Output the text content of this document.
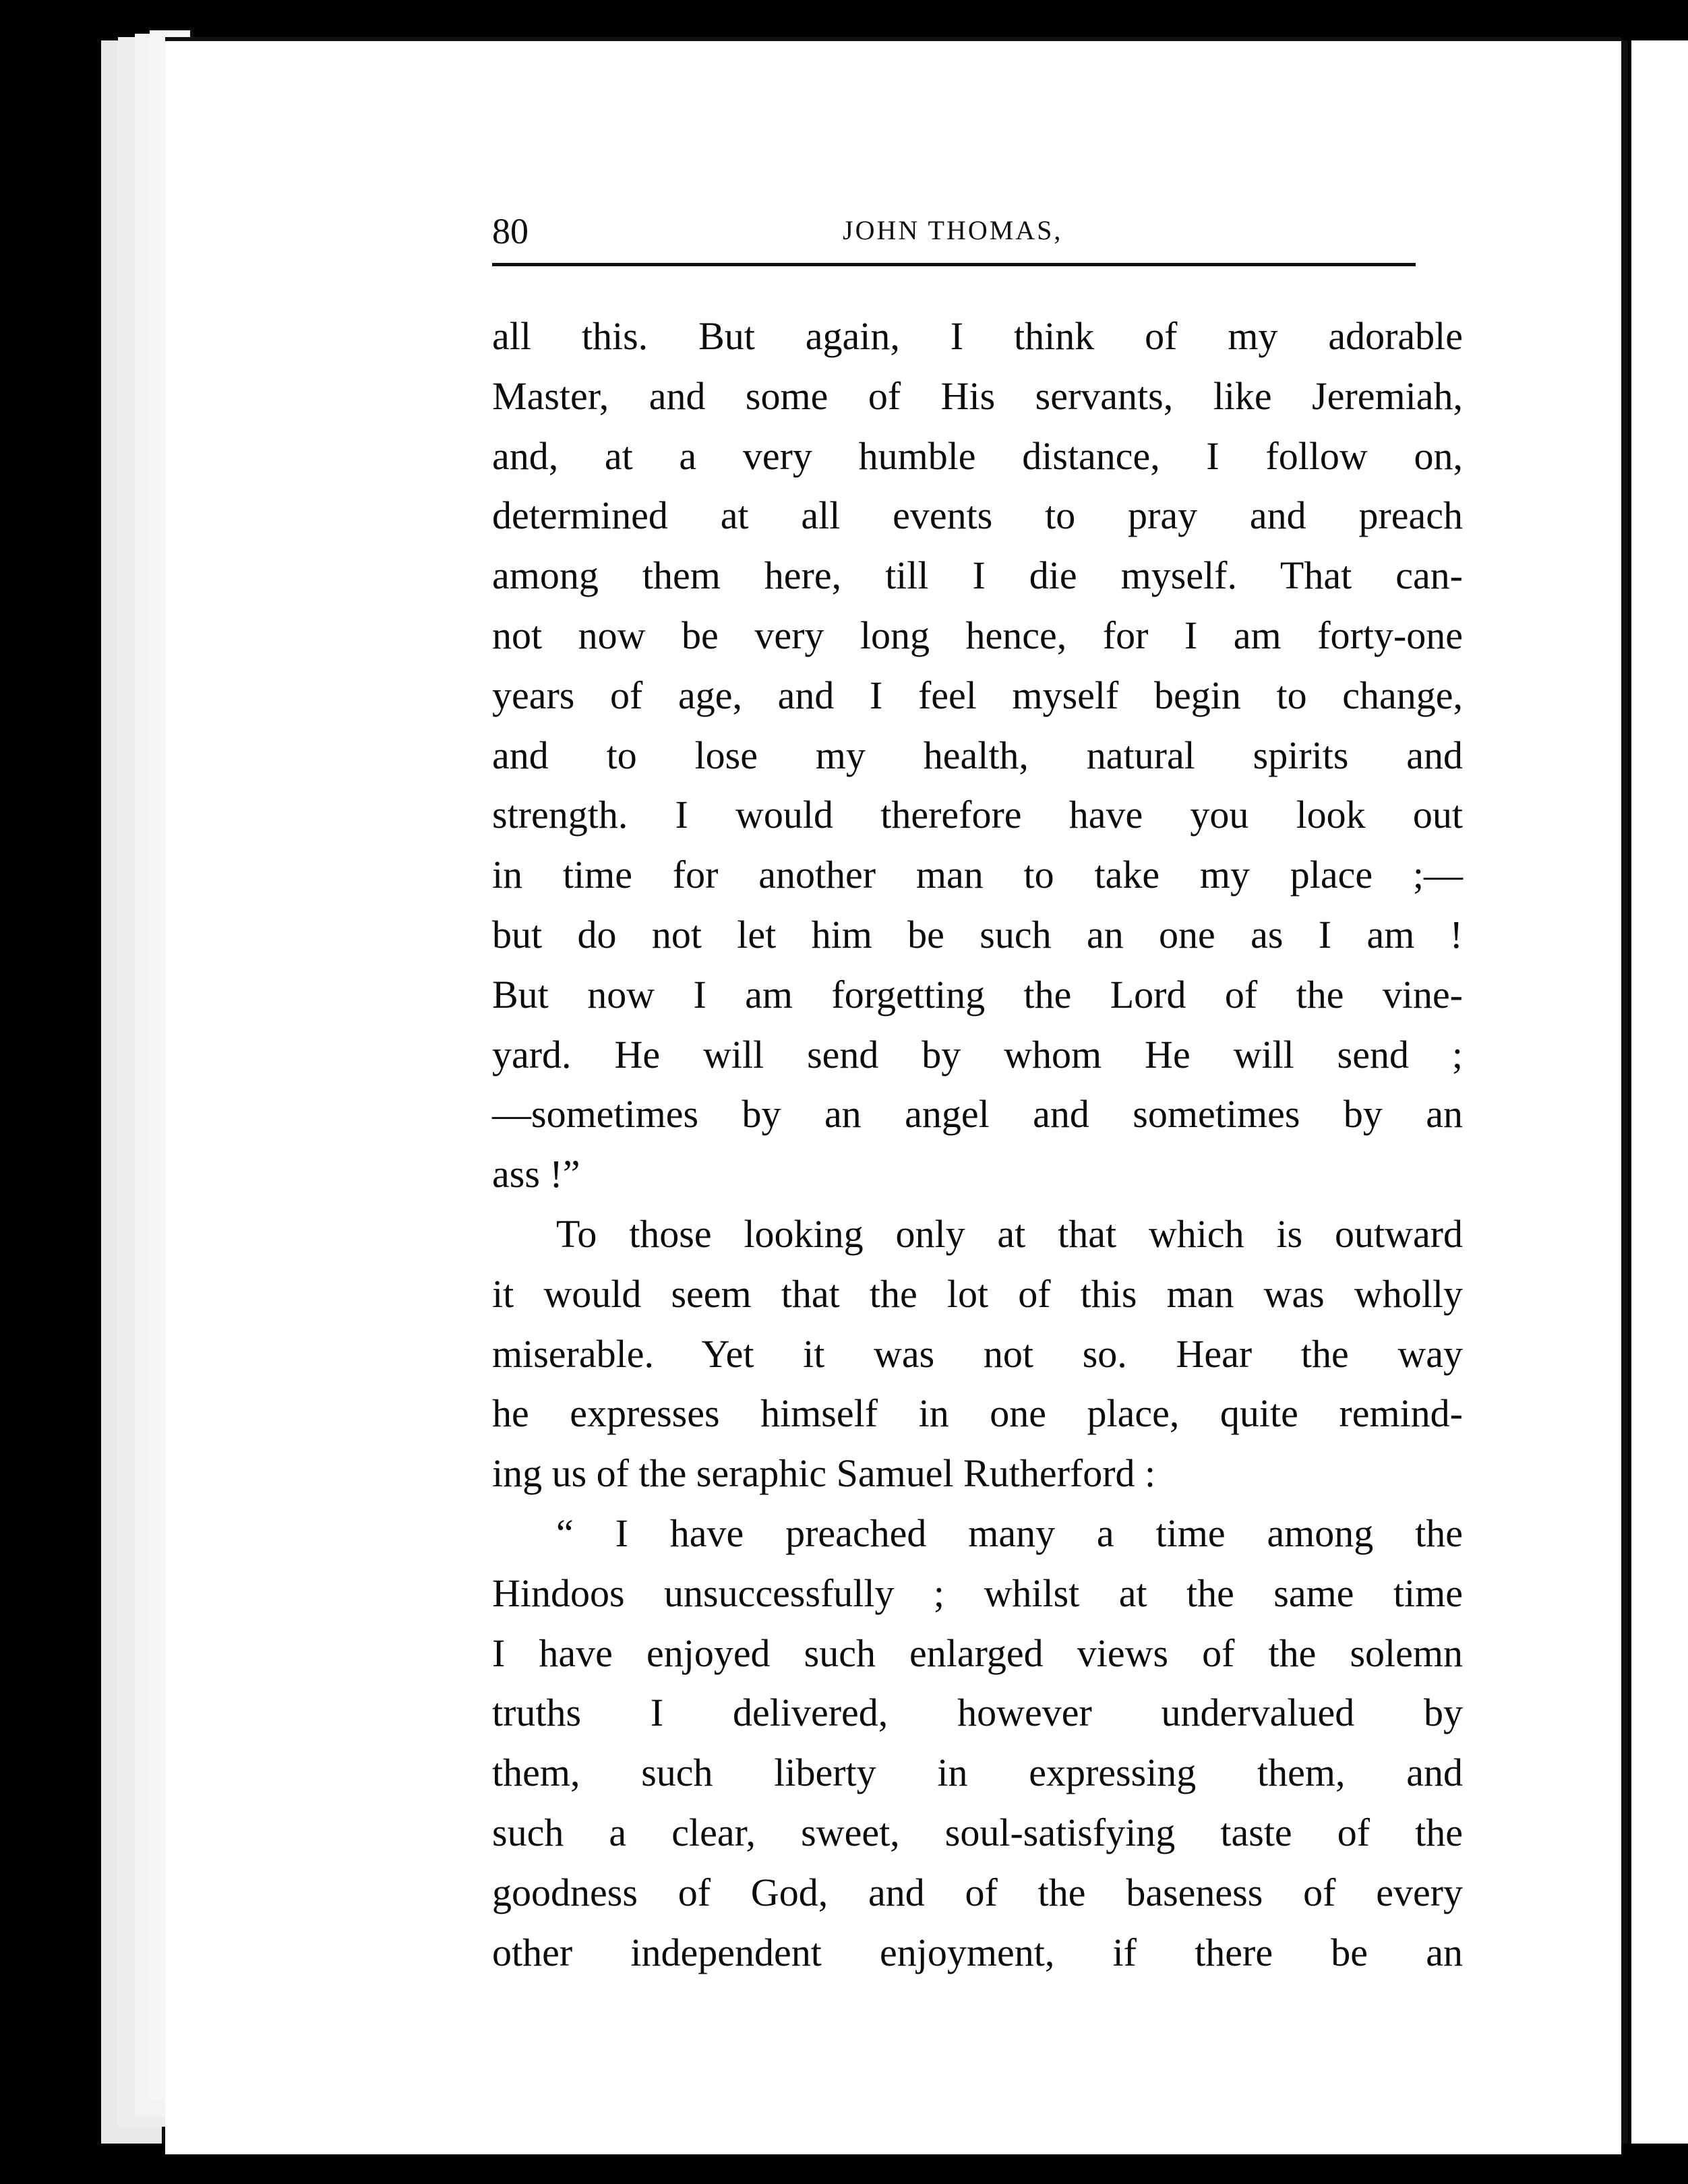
80	JOHN THOMAS,
all this. But again, I think of my adorable
Master, and some of His servants, like Jeremiah,
and, at a very humble distance, I follow on,
determined at all events to pray and preach
among them here, till I die myself. That can-
not now be very long hence, for I am forty-one
years of age, and I feel myself begin to change,
and to lose my health, natural spirits and
strength. I would therefore have you look out
in time for another man to take my place ;—
but do not let him be such an one as I am !
But now I am forgetting the Lord of the vine-
yard. He will send by whom He will send ;
—sometimes by an angel and sometimes by an
ass !”
To those looking only at that which is outward
it would seem that the lot of this man was wholly
miserable. Yet it was not so. Hear the way
he expresses himself in one place, quite remind-
ing us of the seraphic Samuel Rutherford :
“ I have preached many a time among the
Hindoos unsuccessfully ; whilst at the same time
I have enjoyed such enlarged views of the solemn
truths I delivered, however undervalued by
them, such liberty in expressing them, and
such a clear, sweet, soul-satisfying taste of the
goodness of God, and of the baseness of every
other independent enjoyment, if there be an
